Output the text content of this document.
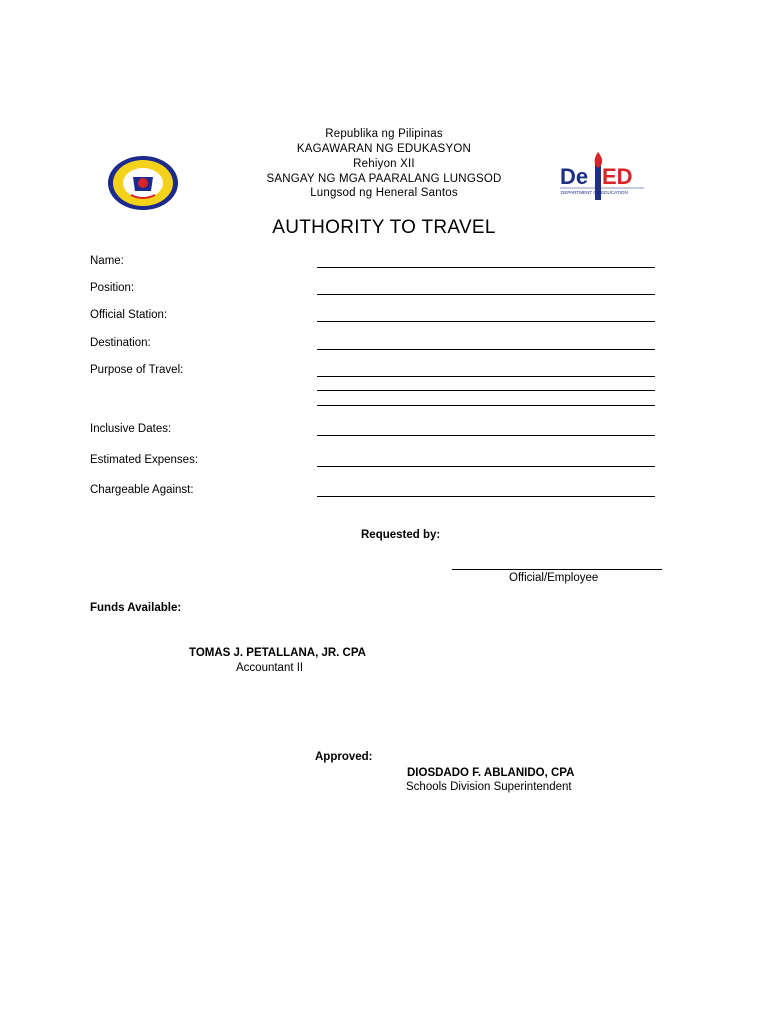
Republika ng Pilipinas
KAGAWARAN NG EDUKASYON
Rehiyon XII
SANGAY NG MGA PAARALANG LUNGSOD
Lungsod ng Heneral Santos
De ED
DEPARTMENT OF EDUCATION
AUTHORITY TO TRAVEL
Name:
Position:
Official Station:
Destination:
Purpose of Travel:
Inclusive Dates:
Estimated Expenses:
Chargeable Against:
Requested by:
Official/Employee
Funds Available:
TOMAS J. PETALLANA, JR. CPA
Accountant II
Approved:
DIOSDADO F. ABLANIDO, CPA
Schools Division Superintendent
